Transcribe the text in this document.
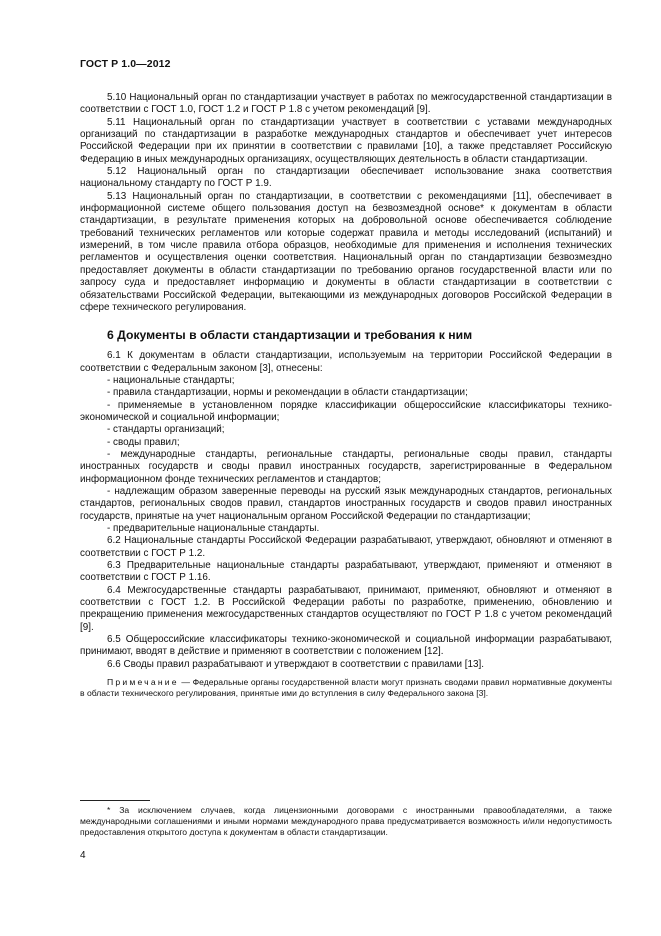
ГОСТ Р 1.0—2012

5.10 Национальный орган по стандартизации участвует в работах по межгосударственной стандартизации в соответствии с ГОСТ 1.0, ГОСТ 1.2 и ГОСТ Р 1.8 с учетом рекомендаций [9].

5.11 Национальный орган по стандартизации участвует в соответствии с уставами международных организаций по стандартизации в разработке международных стандартов и обеспечивает учет интересов Российской Федерации при их принятии в соответствии с правилами [10], а также представляет Российскую Федерацию в иных международных организациях, осуществляющих деятельность в области стандартизации.

5.12 Национальный орган по стандартизации обеспечивает использование знака соответствия национальному стандарту по ГОСТ Р 1.9.

5.13 Национальный орган по стандартизации, в соответствии с рекомендациями [11], обеспечивает в информационной системе общего пользования доступ на безвозмездной основе* к документам в области стандартизации, в результате применения которых на добровольной основе обеспечивается соблюдение требований технических регламентов или которые содержат правила и методы исследований (испытаний) и измерений, в том числе правила отбора образцов, необходимые для применения и исполнения технических регламентов и осуществления оценки соответствия. Национальный орган по стандартизации безвозмездно предоставляет документы в области стандартизации по требованию органов государственной власти или по запросу суда и предоставляет информацию и документы в области стандартизации в соответствии с обязательствами Российской Федерации, вытекающими из международных договоров Российской Федерации в сфере технического регулирования.

6 Документы в области стандартизации и требования к ним

6.1 К документам в области стандартизации, используемым на территории Российской Федерации в соответствии с Федеральным законом [3], отнесены:

- национальные стандарты;

- правила стандартизации, нормы и рекомендации в области стандартизации;

- применяемые в установленном порядке классификации общероссийские классификаторы технико-экономической и социальной информации;

- стандарты организаций;

- своды правил;

- международные стандарты, региональные стандарты, региональные своды правил, стандарты иностранных государств и своды правил иностранных государств, зарегистрированные в Федеральном информационном фонде технических регламентов и стандартов;

- надлежащим образом заверенные переводы на русский язык международных стандартов, региональных стандартов, региональных сводов правил, стандартов иностранных государств и сводов правил иностранных государств, принятые на учет национальным органом Российской Федерации по стандартизации;

- предварительные национальные стандарты.

6.2 Национальные стандарты Российской Федерации разрабатывают, утверждают, обновляют и отменяют в соответствии с ГОСТ Р 1.2.

6.3 Предварительные национальные стандарты разрабатывают, утверждают, применяют и отменяют в соответствии с ГОСТ Р 1.16.

6.4 Межгосударственные стандарты разрабатывают, принимают, применяют, обновляют и отменяют в соответствии с ГОСТ 1.2. В Российской Федерации работы по разработке, применению, обновлению и прекращению применения межгосударственных стандартов осуществляют по ГОСТ Р 1.8 с учетом рекомендаций [9].

6.5 Общероссийские классификаторы технико-экономической и социальной информации разрабатывают, принимают, вводят в действие и применяют в соответствии с положением [12].

6.6 Своды правил разрабатывают и утверждают в соответствии с правилами [13].

Примечание — Федеральные органы государственной власти могут признать сводами правил нормативные документы в области технического регулирования, принятые ими до вступления в силу Федерального закона [3].

* За исключением случаев, когда лицензионными договорами с иностранными правообладателями, а также международными соглашениями и иными нормами международного права предусматривается возможность и/или недопустимость предоставления открытого доступа к документам в области стандартизации.

4
